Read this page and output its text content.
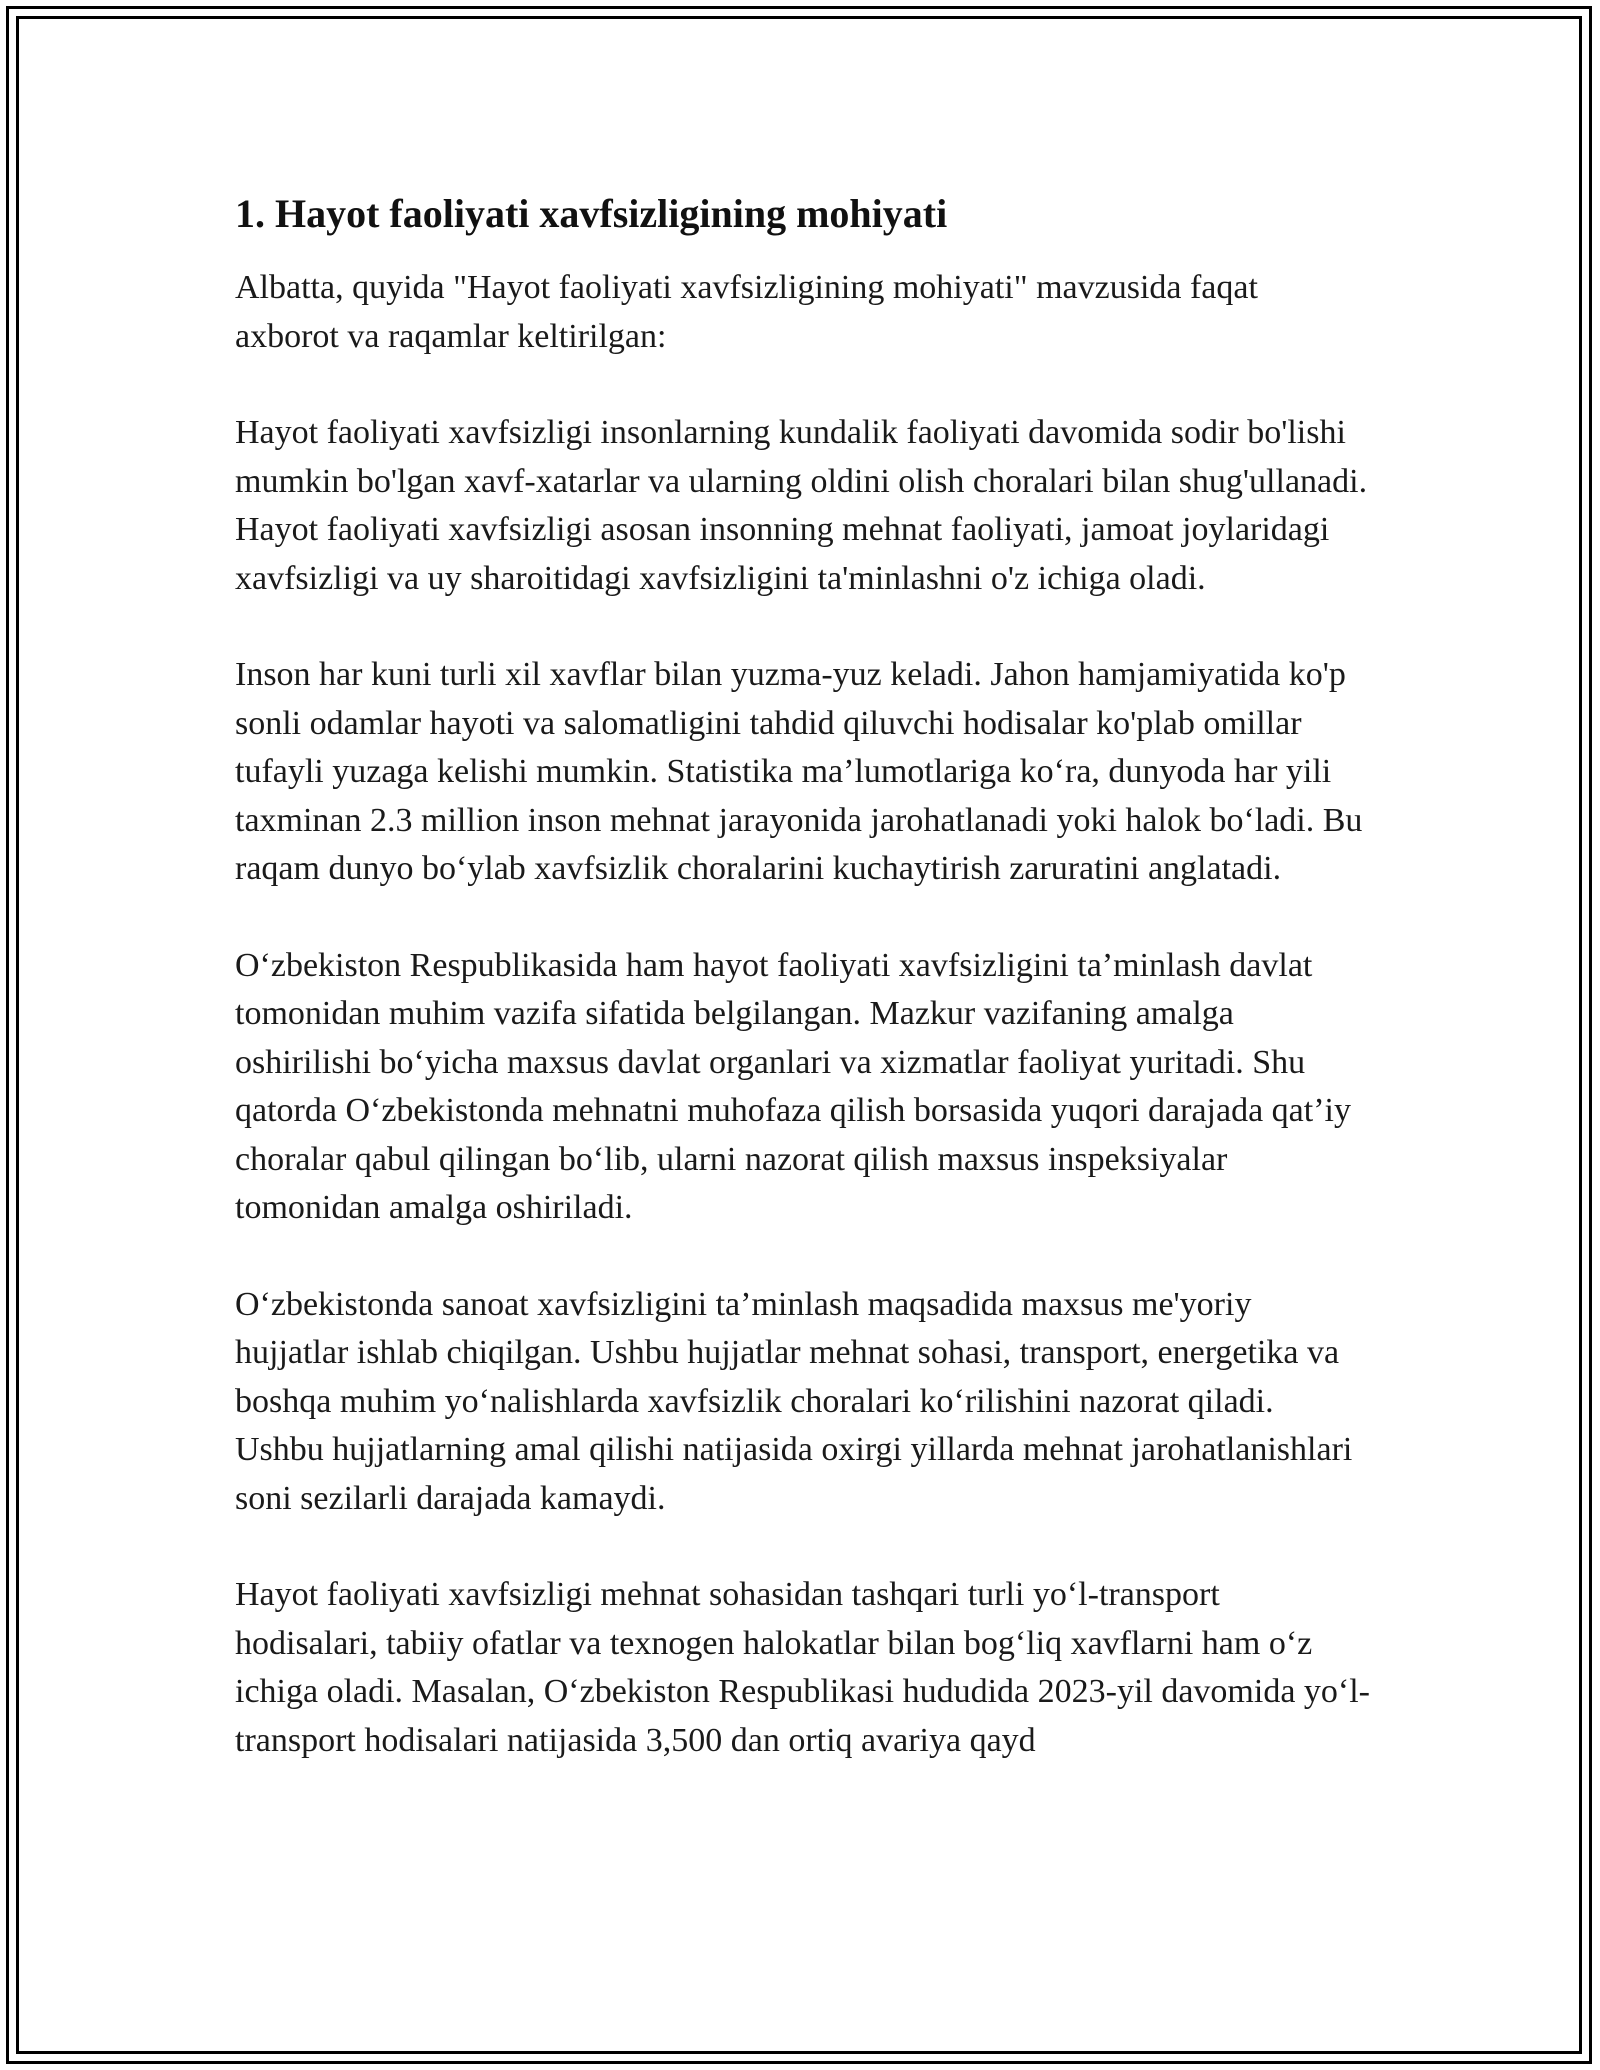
1. Hayot faoliyati xavfsizligining mohiyati

Albatta, quyida "Hayot faoliyati xavfsizligining mohiyati" mavzusida faqat axborot va raqamlar keltirilgan:

Hayot faoliyati xavfsizligi insonlarning kundalik faoliyati davomida sodir bo'lishi mumkin bo'lgan xavf-xatarlar va ularning oldini olish choralari bilan shug'ullanadi. Hayot faoliyati xavfsizligi asosan insonning mehnat faoliyati, jamoat joylaridagi xavfsizligi va uy sharoitidagi xavfsizligini ta'minlashni o'z ichiga oladi.

Inson har kuni turli xil xavflar bilan yuzma-yuz keladi. Jahon hamjamiyatida ko'p sonli odamlar hayoti va salomatligini tahdid qiluvchi hodisalar ko'plab omillar tufayli yuzaga kelishi mumkin. Statistika ma’lumotlariga ko‘ra, dunyoda har yili taxminan 2.3 million inson mehnat jarayonida jarohatlanadi yoki halok bo‘ladi. Bu raqam dunyo bo‘ylab xavfsizlik choralarini kuchaytirish zaruratini anglatadi.

O‘zbekiston Respublikasida ham hayot faoliyati xavfsizligini ta’minlash davlat tomonidan muhim vazifa sifatida belgilangan. Mazkur vazifaning amalga oshirilishi bo‘yicha maxsus davlat organlari va xizmatlar faoliyat yuritadi. Shu qatorda O‘zbekistonda mehnatni muhofaza qilish borsasida yuqori darajada qat’iy choralar qabul qilingan bo‘lib, ularni nazorat qilish maxsus inspeksiyalar tomonidan amalga oshiriladi.

O‘zbekistonda sanoat xavfsizligini ta’minlash maqsadida maxsus me'yoriy hujjatlar ishlab chiqilgan. Ushbu hujjatlar mehnat sohasi, transport, energetika va boshqa muhim yo‘nalishlarda xavfsizlik choralari ko‘rilishini nazorat qiladi. Ushbu hujjatlarning amal qilishi natijasida oxirgi yillarda mehnat jarohatlanishlari soni sezilarli darajada kamaydi.

Hayot faoliyati xavfsizligi mehnat sohasidan tashqari turli yo‘l-transport hodisalari, tabiiy ofatlar va texnogen halokatlar bilan bog‘liq xavflarni ham o‘z ichiga oladi. Masalan, O‘zbekiston Respublikasi hududida 2023-yil davomida yo‘l-transport hodisalari natijasida 3,500 dan ortiq avariya qayd
